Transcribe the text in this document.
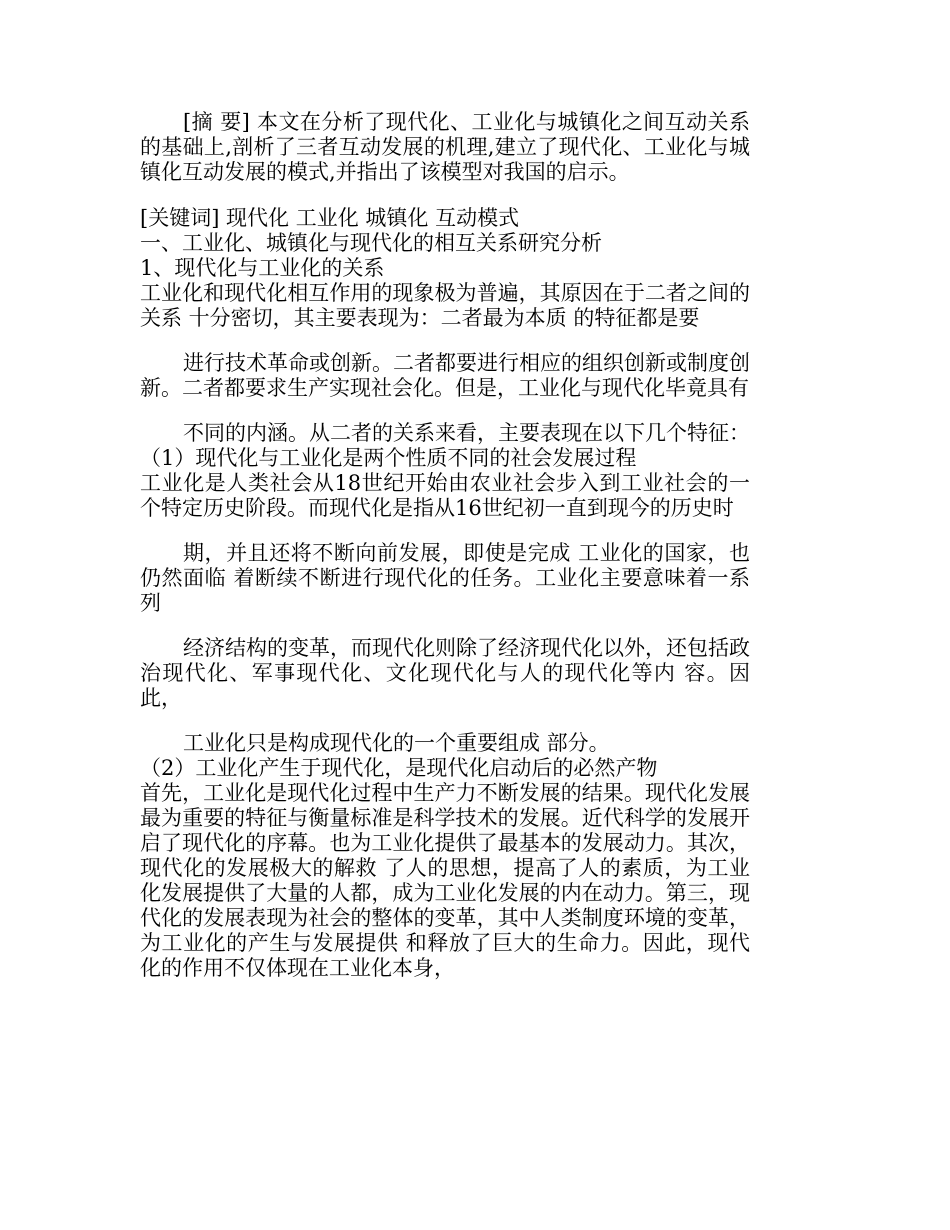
[摘 要] 本文在分析了现代化、工业化与城镇化之间互动关系的基础上,剖析了三者互动发展的机理,建立了现代化、工业化与城镇化互动发展的模式,并指出了该模型对我国的启示。

[关键词] 现代化 工业化 城镇化 互动模式

一、工业化、城镇化与现代化的相互关系研究分析

1、现代化与工业化的关系

工业化和现代化相互作用的现象极为普遍，其原因在于二者之间的关系 十分密切，其主要表现为：二者最为本质 的特征都是要

进行技术革命或创新。二者都要进行相应的组织创新或制度创新。二者都要求生产实现社会化。但是，工业化与现代化毕竟具有

不同的内涵。从二者的关系来看，主要表现在以下几个特征：

（1）现代化与工业化是两个性质不同的社会发展过程

工业化是人类社会从18世纪开始由农业社会步入到工业社会的一个特定历史阶段。而现代化是指从16世纪初一直到现今的历史时

期，并且还将不断向前发展，即使是完成 工业化的国家，也仍然面临 着断续不断进行现代化的任务。工业化主要意味着一系列

经济结构的变革，而现代化则除了经济现代化以外，还包括政治现代化、军事现代化、文化现代化与人的现代化等内 容。因此，

工业化只是构成现代化的一个重要组成 部分。

（2）工业化产生于现代化，是现代化启动后的必然产物

首先，工业化是现代化过程中生产力不断发展的结果。现代化发展最为重要的特征与衡量标准是科学技术的发展。近代科学的发展开启了现代化的序幕。也为工业化提供了最基本的发展动力。其次，现代化的发展极大的解救 了人的思想，提高了人的素质，为工业化发展提供了大量的人都，成为工业化发展的内在动力。第三，现代化的发展表现为社会的整体的变革，其中人类制度环境的变革，为工业化的产生与发展提供 和释放了巨大的生命力。因此，现代化的作用不仅体现在工业化本身，
